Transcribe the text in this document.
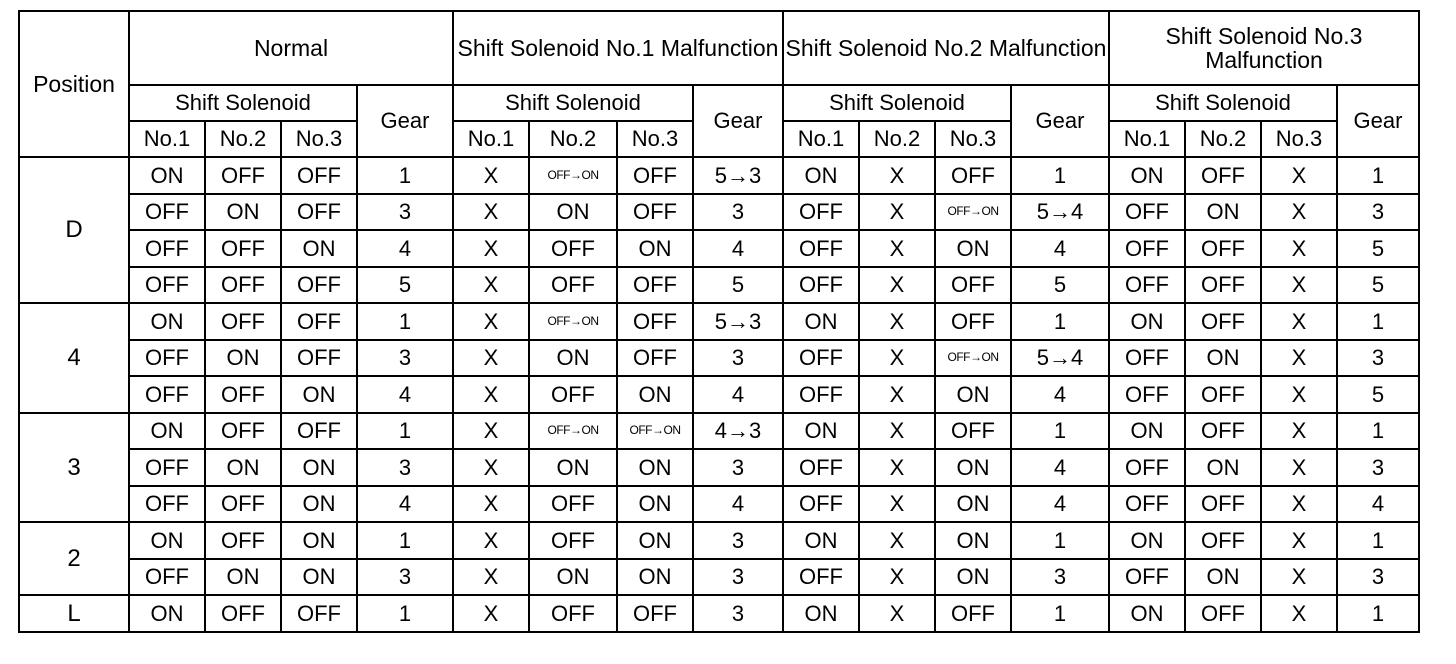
Position	Normal				Shift Solenoid No.1 Malfunction				Shift Solenoid No.2 Malfunction				Shift Solenoid No.3 Malfunction			
	Shift Solenoid			Gear	Shift Solenoid			Gear	Shift Solenoid			Gear	Shift Solenoid			Gear
	No.1	No.2	No.3		No.1	No.2	No.3		No.1	No.2	No.3		No.1	No.2	No.3	
D	ON	OFF	OFF	1	X	OFF→ON	OFF	5→3	ON	X	OFF	1	ON	OFF	X	1
	OFF	ON	OFF	3	X	ON	OFF	3	OFF	X	OFF→ON	5→4	OFF	ON	X	3
	OFF	OFF	ON	4	X	OFF	ON	4	OFF	X	ON	4	OFF	OFF	X	5
	OFF	OFF	OFF	5	X	OFF	OFF	5	OFF	X	OFF	5	OFF	OFF	X	5
4	ON	OFF	OFF	1	X	OFF→ON	OFF	5→3	ON	X	OFF	1	ON	OFF	X	1
	OFF	ON	OFF	3	X	ON	OFF	3	OFF	X	OFF→ON	5→4	OFF	ON	X	3
	OFF	OFF	ON	4	X	OFF	ON	4	OFF	X	ON	4	OFF	OFF	X	5
3	ON	OFF	OFF	1	X	OFF→ON	OFF→ON	4→3	ON	X	OFF	1	ON	OFF	X	1
	OFF	ON	ON	3	X	ON	ON	3	OFF	X	ON	4	OFF	ON	X	3
	OFF	OFF	ON	4	X	OFF	ON	4	OFF	X	ON	4	OFF	OFF	X	4
2	ON	OFF	ON	1	X	OFF	ON	3	ON	X	ON	1	ON	OFF	X	1
	OFF	ON	ON	3	X	ON	ON	3	OFF	X	ON	3	OFF	ON	X	3
L	ON	OFF	OFF	1	X	OFF	OFF	3	ON	X	OFF	1	ON	OFF	X	1
